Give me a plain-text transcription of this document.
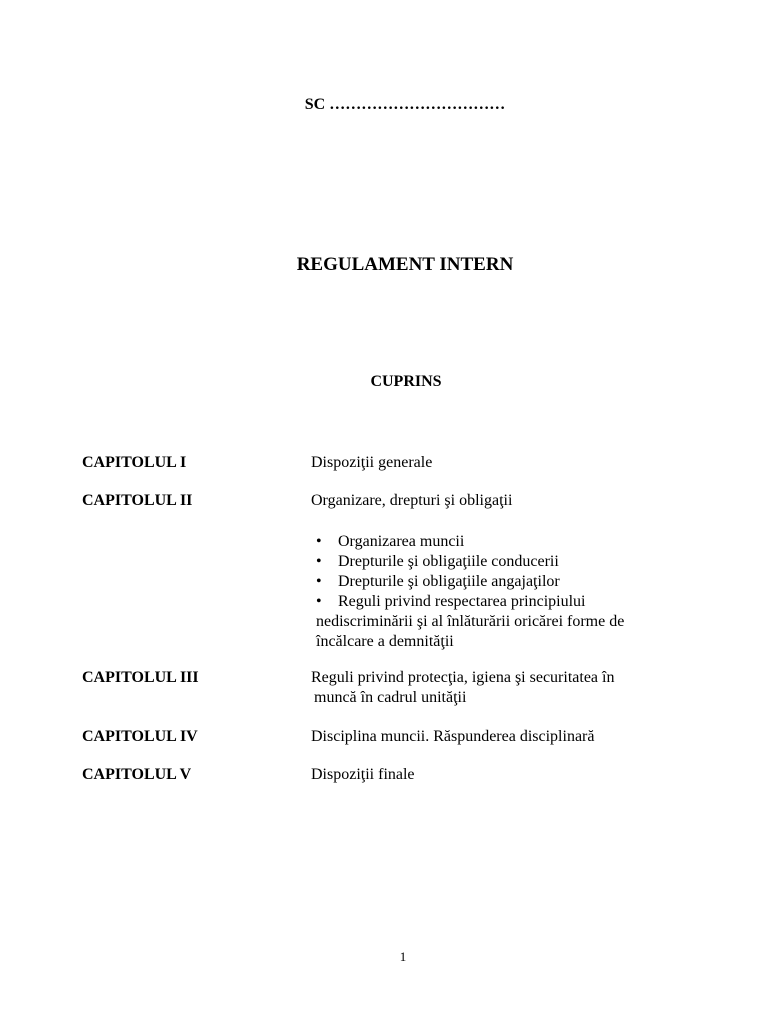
SC ……………………………
REGULAMENT INTERN
CUPRINS
CAPITOLUL I	Dispoziţii generale
CAPITOLUL II	Organizare, drepturi şi obligaţii
• Organizarea muncii
• Drepturile şi obligaţiile conducerii
• Drepturile şi obligaţiile angajaţilor
• Reguli privind respectarea principiului
nediscriminării şi al înlăturării oricărei forme de
încălcare a demnităţii
CAPITOLUL III	Reguli privind protecţia, igiena şi securitatea în
muncă în cadrul unităţii
CAPITOLUL IV	Disciplina muncii. Răspunderea disciplinară
CAPITOLUL V	Dispoziţii finale
1
